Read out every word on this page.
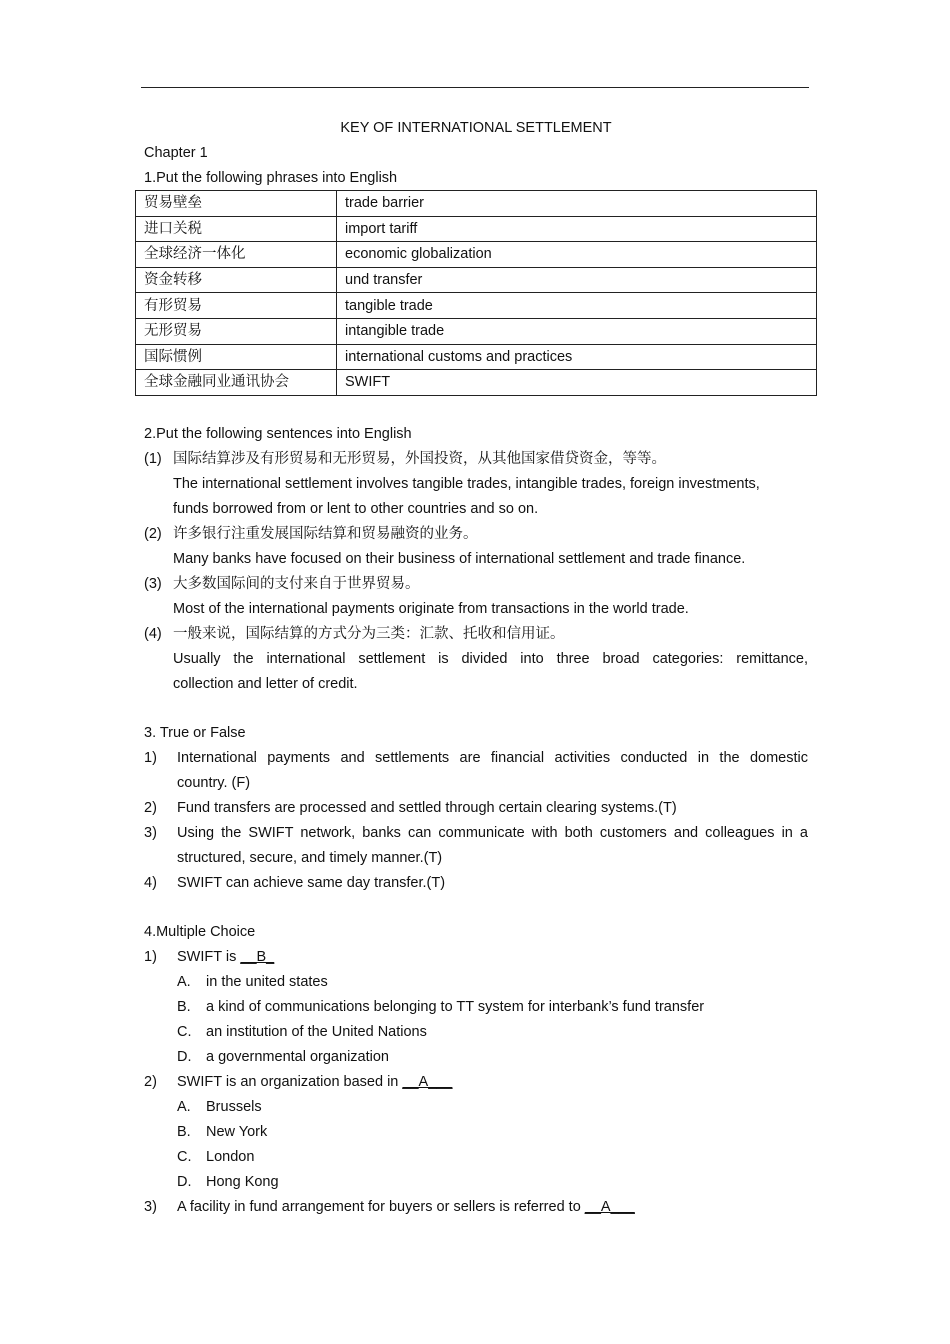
KEY OF INTERNATIONAL SETTLEMENT
Chapter 1
1.Put the following phrases into English
贸易壁垒	trade barrier
进口关税	import tariff
全球经济一体化	economic globalization
资金转移	und transfer
有形贸易	tangible trade
无形贸易	intangible trade
国际惯例	international customs and practices
全球金融同业通讯协会	SWIFT
2.Put the following sentences into English
(1) 国际结算涉及有形贸易和无形贸易，外国投资，从其他国家借贷资金，等等。
The international settlement involves tangible trades, intangible trades, foreign investments,
funds borrowed from or lent to other countries and so on.
(2) 许多银行注重发展国际结算和贸易融资的业务。
Many banks have focused on their business of international settlement and trade finance.
(3) 大多数国际间的支付来自于世界贸易。
Most of the international payments originate from transactions in the world trade.
(4) 一般来说，国际结算的方式分为三类：汇款、托收和信用证。
Usually the international settlement is divided into three broad categories: remittance,
collection and letter of credit.
3. True or False
1)	International payments and settlements are financial activities conducted in the domestic
country. (F)
2)	Fund transfers are processed and settled through certain clearing systems.(T)
3)	Using the SWIFT network, banks can communicate with both customers and colleagues in a
structured, secure, and timely manner.(T)
4)	SWIFT can achieve same day transfer.(T)
4.Multiple Choice
1)	SWIFT is __B_
A.	in the united states
B.	a kind of communications belonging to TT system for interbank’s fund transfer
C.	an institution of the United Nations
D.	a governmental organization
2)	SWIFT is an organization based in __A___
A.	Brussels
B.	New York
C.	London
D.	Hong Kong
3)	A facility in fund arrangement for buyers or sellers is referred to __A___
